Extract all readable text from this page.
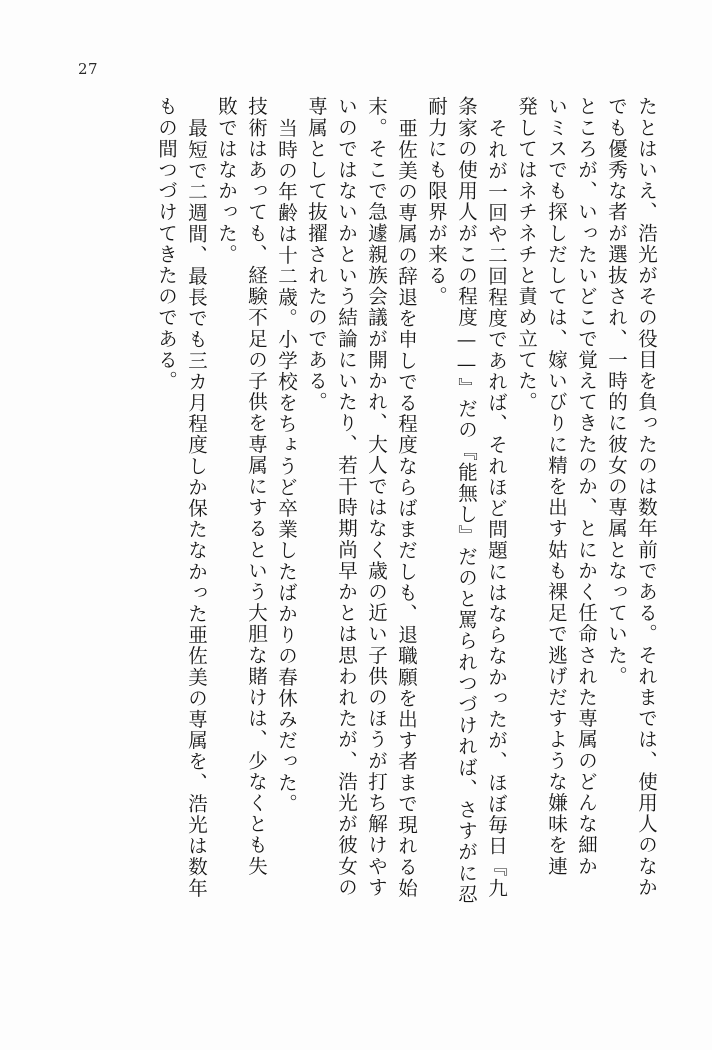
27
たとはいえ、浩光がその役目を負ったのは数年前である。それまでは、使用人のなか
でも優秀な者が選抜され、一時的に彼女の専属となっていた。
ところが、いったいどこで覚えてきたのか、とにかく任命された専属のどんな細か
いミスでも探しだしては、嫁いびりに精を出す姑も裸足で逃げだすような嫌味を連
発してはネチネチと責め立てた。
それが一回や二回程度であれば、それほど問題にはならなかったが、ほぼ毎日『九
条家の使用人がこの程度——』だの『能無し』だのと罵られつづければ、さすがに忍
耐力にも限界が来る。
亜佐美の専属の辞退を申しでる程度ならばまだしも、退職願を出す者まで現れる始
末。そこで急遽親族会議が開かれ、大人ではなく歳の近い子供のほうが打ち解けやす
いのではないかという結論にいたり、若干時期尚早かとは思われたが、浩光が彼女の
専属として抜擢されたのである。
当時の年齢は十二歳。小学校をちょうど卒業したばかりの春休みだった。
技術はあっても、経験不足の子供を専属にするという大胆な賭けは、少なくとも失
敗ではなかった。
最短で二週間、最長でも三カ月程度しか保たなかった亜佐美の専属を、浩光は数年
もの間つづけてきたのである。
